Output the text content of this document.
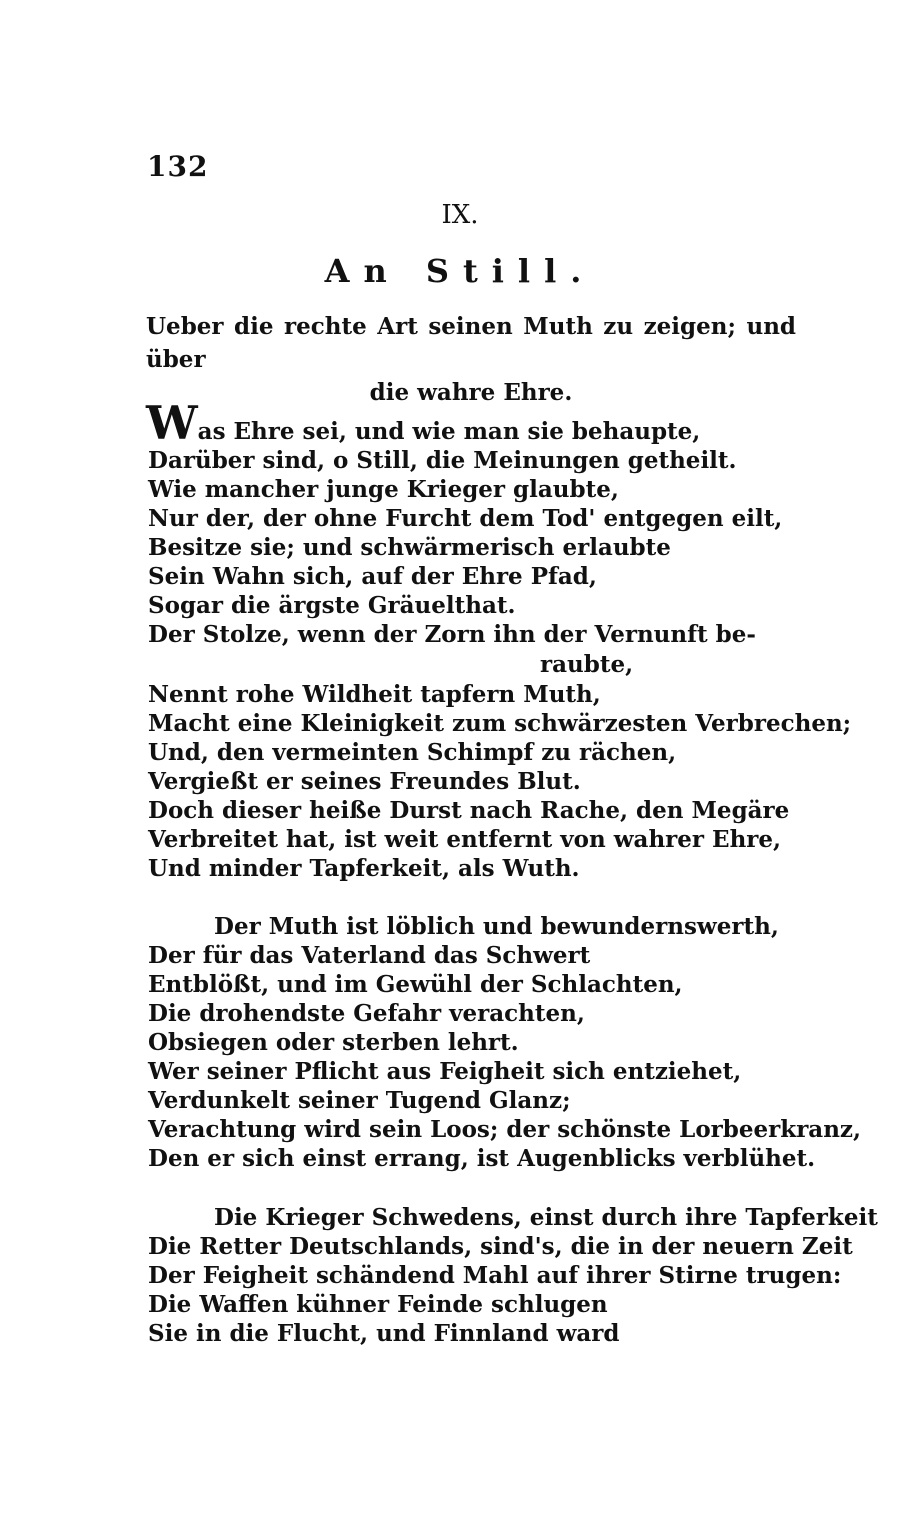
132
IX.
An Still.
Ueber die rechte Art seinen Muth zu zeigen; und über
die wahre Ehre.
Was Ehre sei, und wie man sie behaupte,
Darüber sind, o Still, die Meinungen getheilt.
Wie mancher junge Krieger glaubte,
Nur der, der ohne Furcht dem Tod' entgegen eilt,
Besitze sie; und schwärmerisch erlaubte
Sein Wahn sich, auf der Ehre Pfad,
Sogar die ärgste Gräuelthat.
Der Stolze, wenn der Zorn ihn der Vernunft be-
raubte,
Nennt rohe Wildheit tapfern Muth,
Macht eine Kleinigkeit zum schwärzesten Verbrechen;
Und, den vermeinten Schimpf zu rächen,
Vergießt er seines Freundes Blut.
Doch dieser heiße Durst nach Rache, den Megäre
Verbreitet hat, ist weit entfernt von wahrer Ehre,
Und minder Tapferkeit, als Wuth.
Der Muth ist löblich und bewundernswerth,
Der für das Vaterland das Schwert
Entblößt, und im Gewühl der Schlachten,
Die drohendste Gefahr verachten,
Obsiegen oder sterben lehrt.
Wer seiner Pflicht aus Feigheit sich entziehet,
Verdunkelt seiner Tugend Glanz;
Verachtung wird sein Loos; der schönste Lorbeerkranz,
Den er sich einst errang, ist Augenblicks verblühet.
Die Krieger Schwedens, einst durch ihre Tapferkeit
Die Retter Deutschlands, sind's, die in der neuern Zeit
Der Feigheit schändend Mahl auf ihrer Stirne trugen:
Die Waffen kühner Feinde schlugen
Sie in die Flucht, und Finnland ward
